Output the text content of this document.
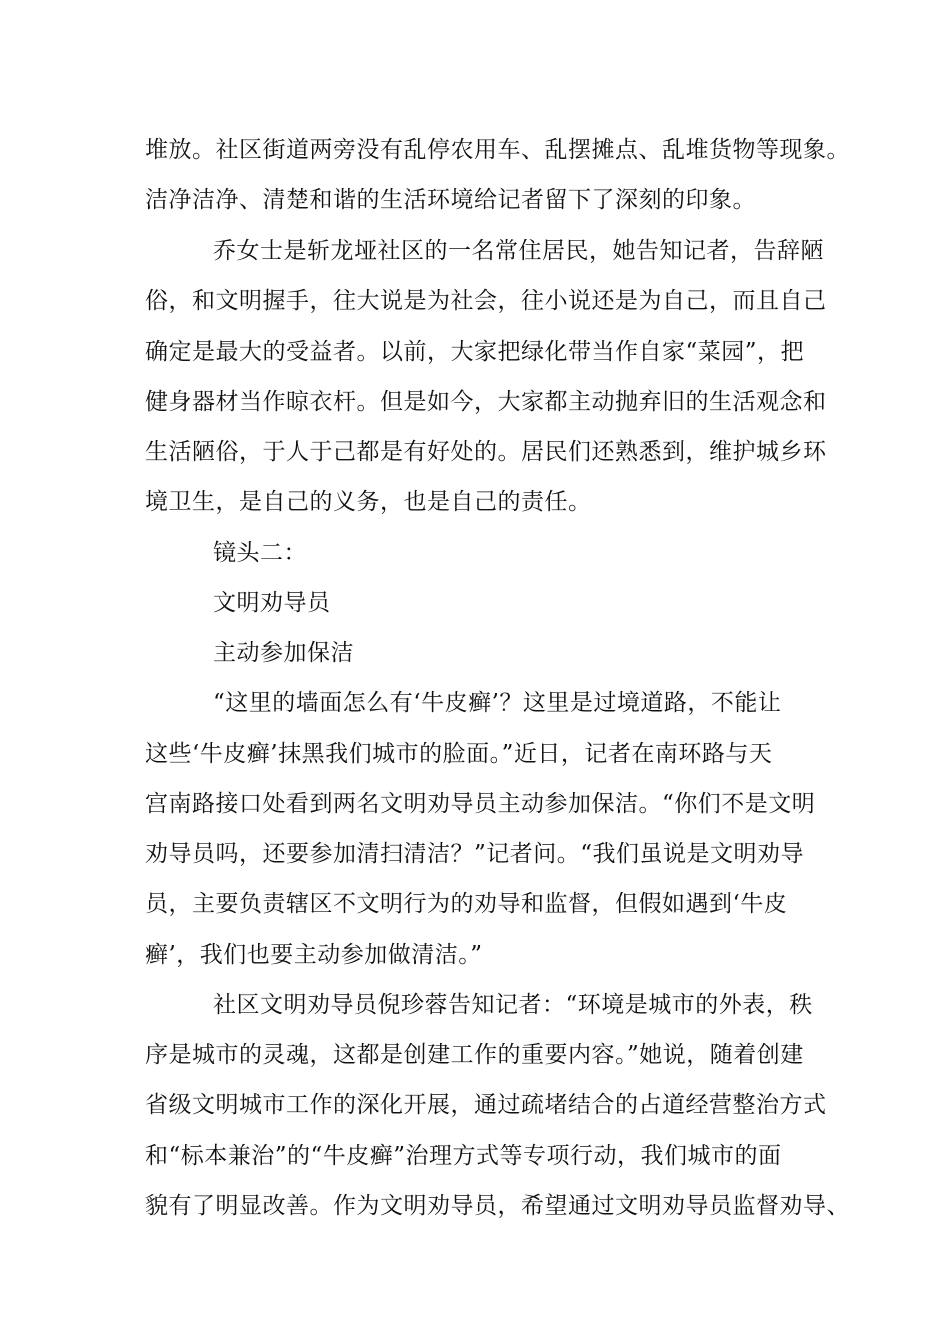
堆放。社区街道两旁没有乱停农用车、乱摆摊点、乱堆货物等现象。
洁净洁净、清楚和谐的生活环境给记者留下了深刻的印象。
乔女士是斩龙垭社区的一名常住居民，她告知记者，告辞陋
俗，和文明握手，往大说是为社会，往小说还是为自己，而且自己
确定是最大的受益者。以前，大家把绿化带当作自家“菜园”，把
健身器材当作晾衣杆。但是如今，大家都主动抛弃旧的生活观念和
生活陋俗，于人于己都是有好处的。居民们还熟悉到，维护城乡环
境卫生，是自己的义务，也是自己的责任。
镜头二：
文明劝导员
主动参加保洁
“这里的墙面怎么有‘牛皮癣’？这里是过境道路，不能让
这些‘牛皮癣’抹黑我们城市的脸面。”近日，记者在南环路与天
宫南路接口处看到两名文明劝导员主动参加保洁。“你们不是文明
劝导员吗，还要参加清扫清洁？”记者问。“我们虽说是文明劝导
员，主要负责辖区不文明行为的劝导和监督，但假如遇到‘牛皮
癣’，我们也要主动参加做清洁。”
社区文明劝导员倪珍蓉告知记者：“环境是城市的外表，秩
序是城市的灵魂，这都是创建工作的重要内容。”她说，随着创建
省级文明城市工作的深化开展，通过疏堵结合的占道经营整治方式
和“标本兼治”的“牛皮癣”治理方式等专项行动，我们城市的面
貌有了明显改善。作为文明劝导员，希望通过文明劝导员监督劝导、
